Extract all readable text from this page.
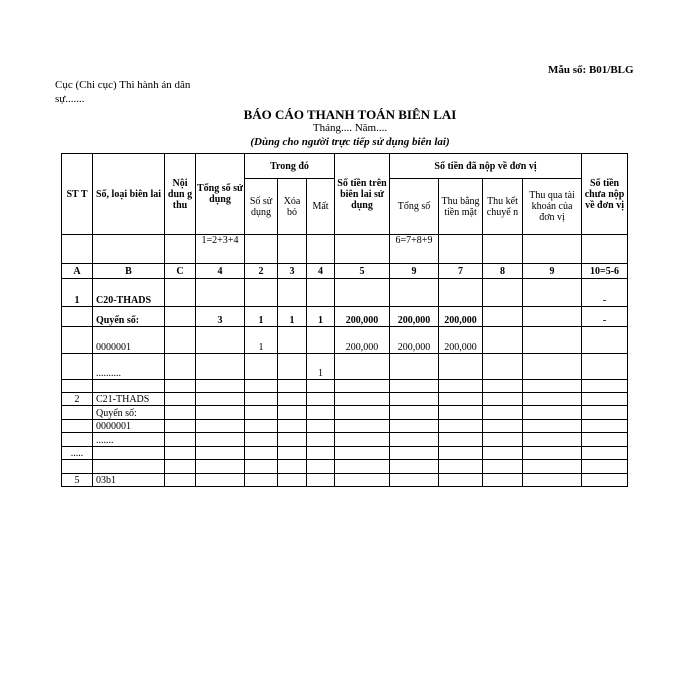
Mẫu số: B01/BLG
Cục (Chi cục) Thi hành án dân
sự.......
BÁO CÁO THANH TOÁN BIÊN LAI
Tháng.... Năm....
(Dùng cho người trực tiếp sử dụng biên lai)
ST T	Số, loại biên lai	Nội dun g thu	Tổng số sử dụng	Trong đó			Số tiền trên biên lai sử dụng	Số tiền đã nộp về đơn vị				Số tiền chưa nộp về đơn vị
				Số sử dụng	Xóa bỏ	Mất		Tổng số	Thu bằng tiền mặt	Thu kết chuyể n	Thu qua tài khoản của đơn vị	
			1=2+3+4					6=7+8+9				
A	B	C	4	2	3	4	5	9	7	8	9	10=5-6
1	C20-THADS											-
	Quyển số:		3	1	1	1	200,000	200,000	200,000			-
	0000001			1			200,000	200,000	200,000			
	..........					1						

2	C21-THADS											
	Quyển số:											
	0000001											
	.......											
.....												

5	03b1											
